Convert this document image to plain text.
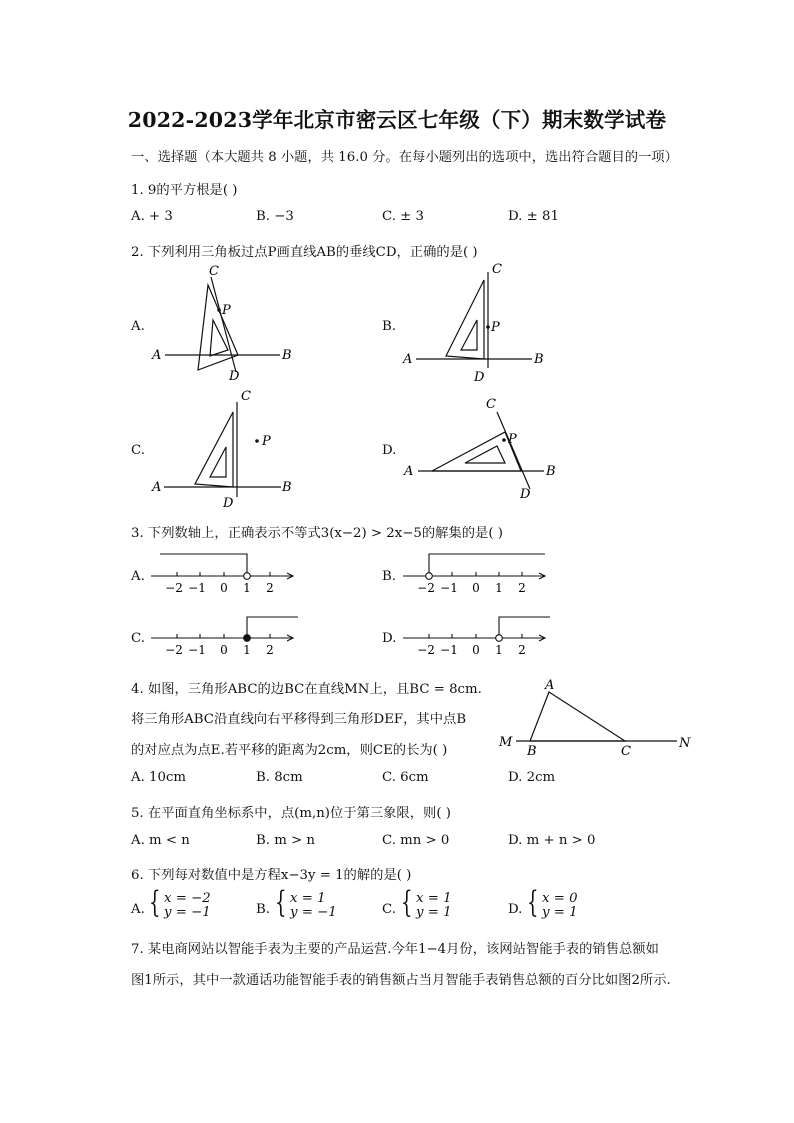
2022-2023学年北京市密云区七年级（下）期末数学试卷
一、选择题（本大题共 8 小题，共 16.0 分。在每小题列出的选项中，选出符合题目的一项）
1. 9的平方根是( )
A. + 3	B. −3	C. ± 3	D. ± 81
2. 下列利用三角板过点P画直线AB的垂线CD，正确的是( )
A.	B.
C.	D.
C
P
A	B
D
C
P
A	B
D
C
P
A	B
D
C
P
A	B
D
3. 下列数轴上，正确表示不等式3(x−2) > 2x−5的解集的是( )
A.	B.
C.	D.
−2 −1 0 1 2	−2 −1 0 1 2
−2 −1 0 1 2	−2 −1 0 1 2
4. 如图，三角形ABC的边BC在直线MN上，且BC = 8cm.
将三角形ABC沿直线向右平移得到三角形DEF，其中点B
的对应点为点E.若平移的距离为2cm，则CE的长为( )
A
M
B	C
N
A. 10cm	B. 8cm	C. 6cm	D. 2cm
5. 在平面直角坐标系中，点(m,n)位于第三象限，则( )
A. m < n	B. m > n	C. mn > 0	D. m + n > 0
6. 下列每对数值中是方程x−3y = 1的解的是( )
A. { x = −2
y = −1	B. { x = 1
y = −1	C. { x = 1
y = 1	D. { x = 0
y = 1
7. 某电商网站以智能手表为主要的产品运营.今年1−4月份，该网站智能手表的销售总额如
图1所示，其中一款通话功能智能手表的销售额占当月智能手表销售总额的百分比如图2所示.
